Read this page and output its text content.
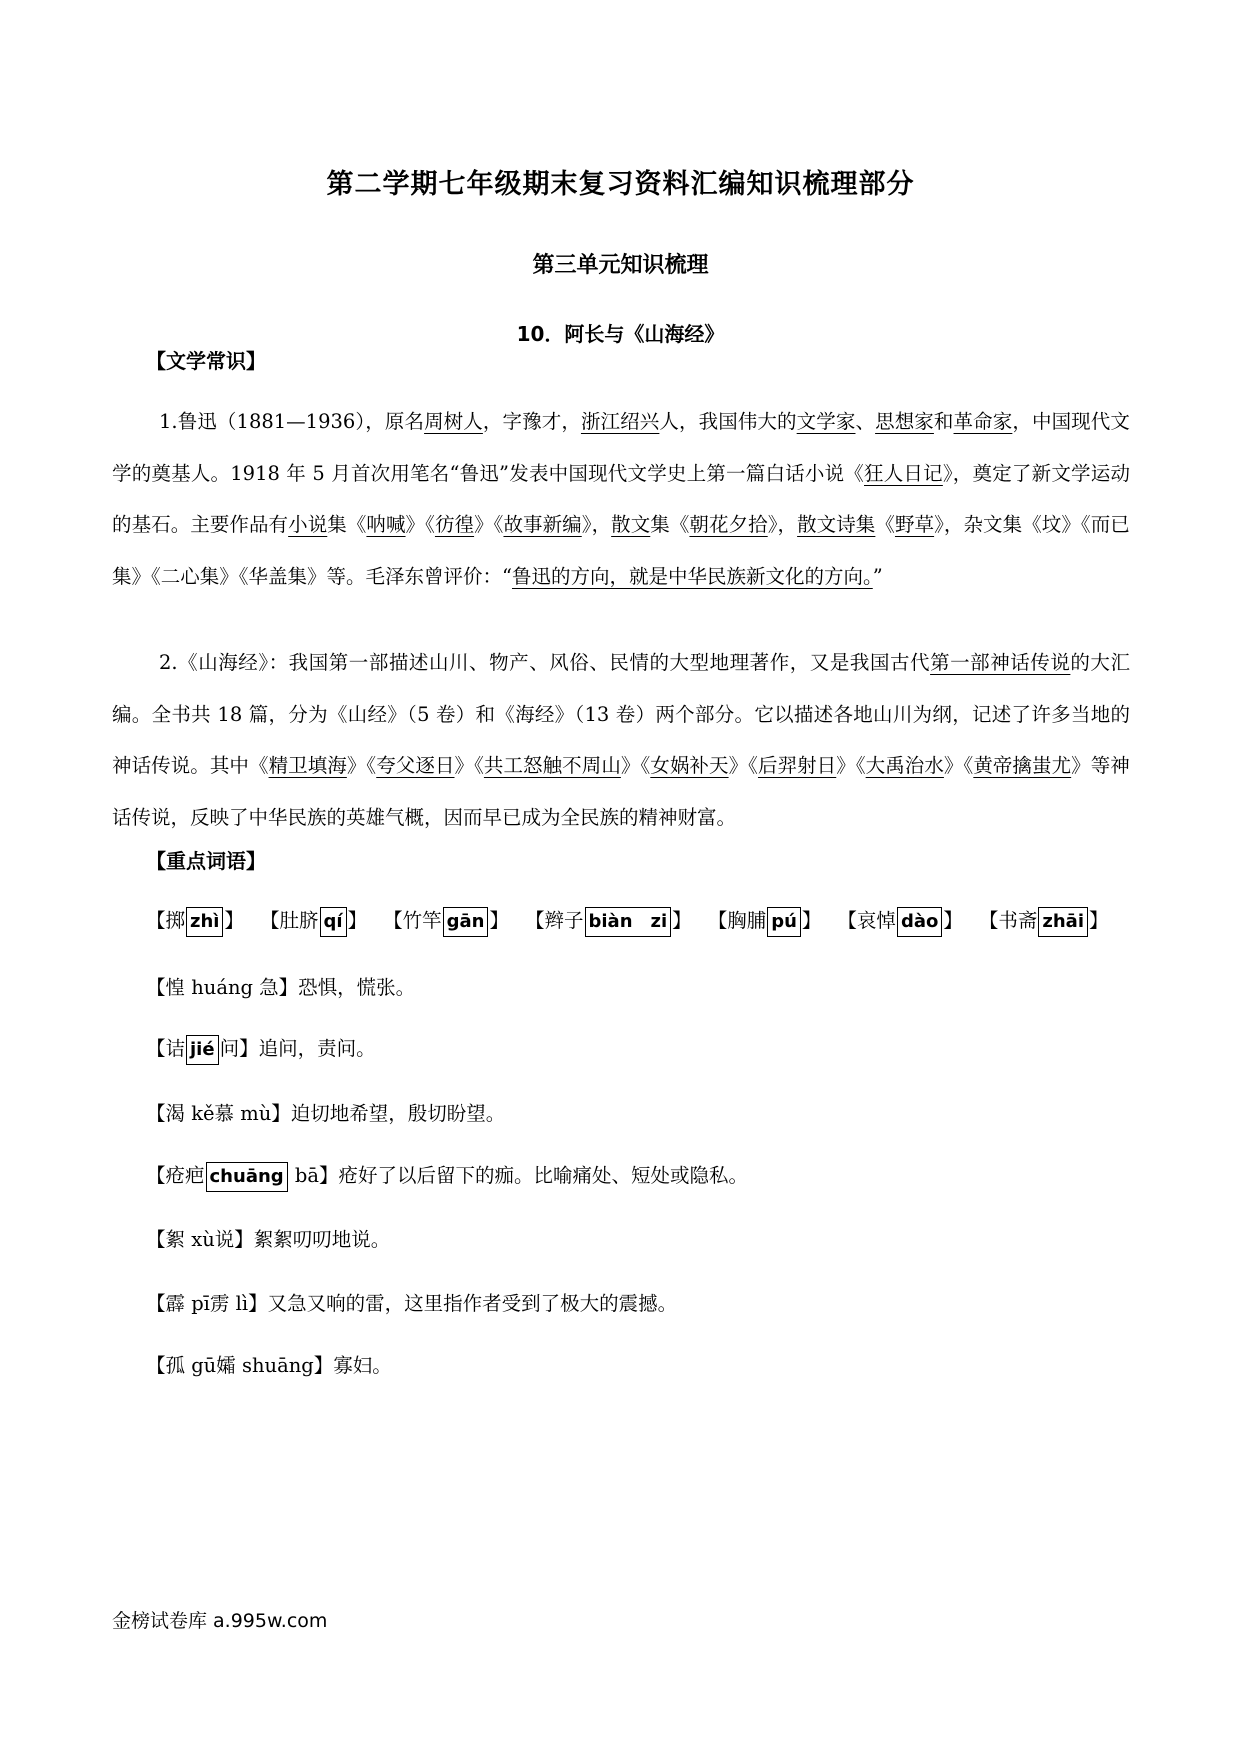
第二学期七年级期末复习资料汇编知识梳理部分
第三单元知识梳理
10．阿长与《山海经》
【文学常识】
1.鲁迅（1881—1936），原名周树人，字豫才，浙江绍兴人，我国伟大的文学家、思想家和革命家，中国现代文学的奠基人。1918 年 5 月首次用笔名“鲁迅”发表中国现代文学史上第一篇白话小说《狂人日记》，奠定了新文学运动的基石。主要作品有小说集《呐喊》《彷徨》《故事新编》，散文集《朝花夕拾》，散文诗集《野草》，杂文集《坟》《而已集》《二心集》《华盖集》等。毛泽东曾评价：“鲁迅的方向，就是中华民族新文化的方向。”
2.《山海经》：我国第一部描述山川、物产、风俗、民情的大型地理著作，又是我国古代第一部神话传说的大汇编。全书共 18 篇，分为《山经》（5 卷）和《海经》（13 卷）两个部分。它以描述各地山川为纲，记述了许多当地的神话传说。其中《精卫填海》《夸父逐日》《共工怒触不周山》《女娲补天》《后羿射日》《大禹治水》《黄帝擒蚩尤》等神话传说，反映了中华民族的英雄气概，因而早已成为全民族的精神财富。
【重点词语】
【掷 zhì 】 【肚脐 qí 】 【竹竿 gān 】 【辫子 biàn　zi 】 【胸脯 pú 】 【哀悼 dào 】 【书斋 zhāi 】
【惶 huáng 急】恐惧，慌张。
【诘 jié 问】追问，责问。
【渴 kě慕 mù】迫切地希望，殷切盼望。
【疮疤 chuāng bā】疮好了以后留下的痂。比喻痛处、短处或隐私。
【絮 xù说】絮絮叨叨地说。
【霹 pī雳 lì】又急又响的雷，这里指作者受到了极大的震撼。
【孤 gū孀 shuāng】寡妇。
金榜试卷库 a.995w.com
